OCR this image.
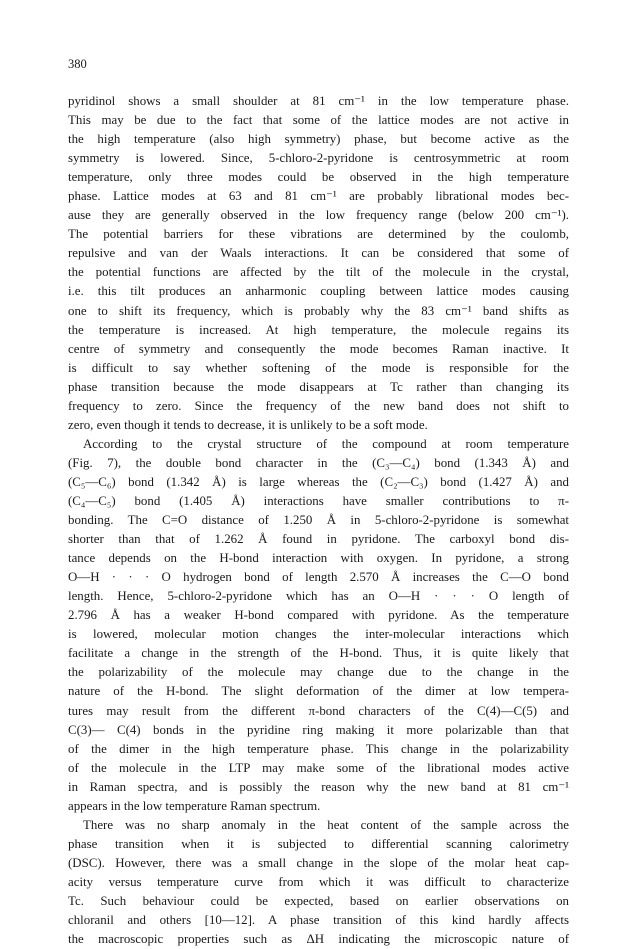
380
pyridinol shows a small shoulder at 81 cm⁻¹ in the low temperature phase.
This may be due to the fact that some of the lattice modes are not active in
the high temperature (also high symmetry) phase, but become active as the
symmetry is lowered. Since, 5-chloro-2-pyridone is centrosymmetric at room
temperature, only three modes could be observed in the high temperature
phase. Lattice modes at 63 and 81 cm⁻¹ are probably librational modes bec-
ause they are generally observed in the low frequency range (below 200 cm⁻¹).
The potential barriers for these vibrations are determined by the coulomb,
repulsive and van der Waals interactions. It can be considered that some of
the potential functions are affected by the tilt of the molecule in the crystal,
i.e. this tilt produces an anharmonic coupling between lattice modes causing
one to shift its frequency, which is probably why the 83 cm⁻¹ band shifts as
the temperature is increased. At high temperature, the molecule regains its
centre of symmetry and consequently the mode becomes Raman inactive. It
is difficult to say whether softening of the mode is responsible for the
phase transition because the mode disappears at Tc rather than changing its
frequency to zero. Since the frequency of the new band does not shift to
zero, even though it tends to decrease, it is unlikely to be a soft mode.
According to the crystal structure of the compound at room temperature
(Fig. 7), the double bond character in the (C₃—C₄) bond (1.343 Å) and
(C₅—C₆) bond (1.342 Å) is large whereas the (C₂—C₃) bond (1.427 Å) and
(C₄—C₅) bond (1.405 Å) interactions have smaller contributions to π-
bonding. The C=O distance of 1.250 Å in 5-chloro-2-pyridone is somewhat
shorter than that of 1.262 Å found in pyridone. The carboxyl bond dis-
tance depends on the H-bond interaction with oxygen. In pyridone, a strong
O—H · · · O hydrogen bond of length 2.570 Å increases the C—O bond
length. Hence, 5-chloro-2-pyridone which has an O—H · · · O length of
2.796 Å has a weaker H-bond compared with pyridone. As the temperature
is lowered, molecular motion changes the inter-molecular interactions which
facilitate a change in the strength of the H-bond. Thus, it is quite likely that
the polarizability of the molecule may change due to the change in the
nature of the H-bond. The slight deformation of the dimer at low tempera-
tures may result from the different π-bond characters of the C(4)—C(5) and
C(3)— C(4) bonds in the pyridine ring making it more polarizable than that
of the dimer in the high temperature phase. This change in the polarizability
of the molecule in the LTP may make some of the librational modes active
in Raman spectra, and is possibly the reason why the new band at 81 cm⁻¹
appears in the low temperature Raman spectrum.
There was no sharp anomaly in the heat content of the sample across the
phase transition when it is subjected to differential scanning calorimetry
(DSC). However, there was a small change in the slope of the molar heat cap-
acity versus temperature curve from which it was difficult to characterize
Tc. Such behaviour could be expected, based on earlier observations on
chloranil and others [10—12]. A phase transition of this kind hardly affects
the macroscopic properties such as ΔH indicating the microscopic nature of
